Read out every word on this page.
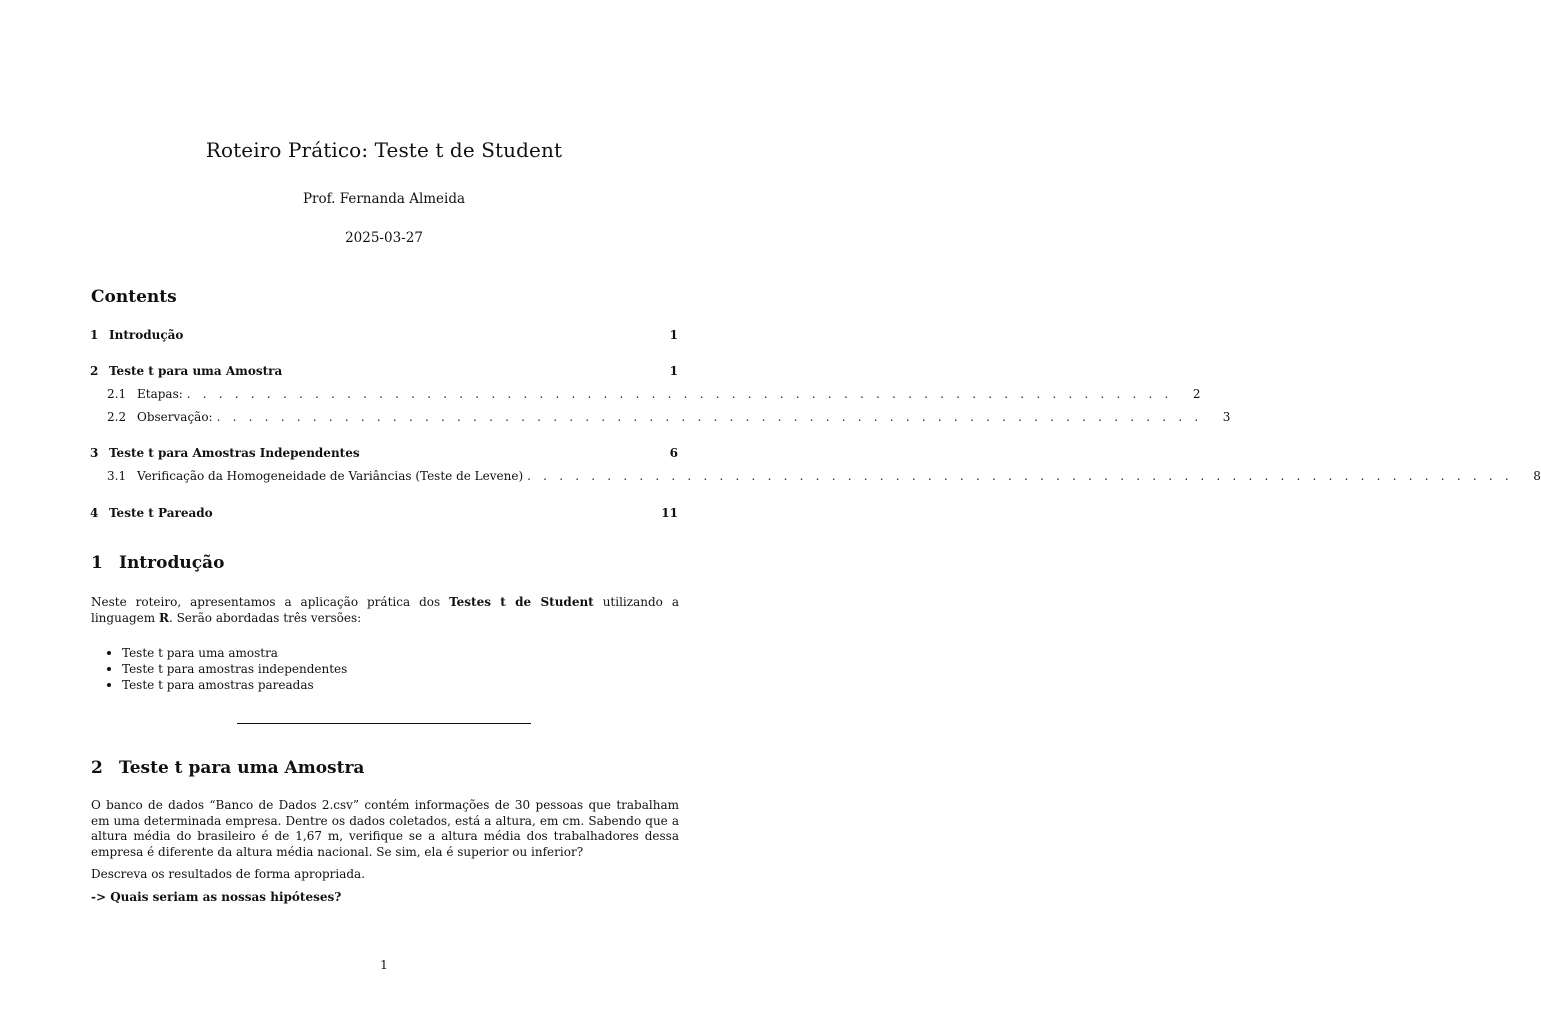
Roteiro Prático: Teste t de Student
Prof. Fernanda Almeida
2025-03-27
Contents
1 Introdução	1
2 Teste t para uma Amostra	1
2.1 Etapas: . . . . . . . . . . . . . . . . . . . . . . . . . . . . . . . . . . . . . . . . . . . . . . . . . . . . . . . . . . . . . .	2
2.2 Observação: . . . . . . . . . . . . . . . . . . . . . . . . . . . . . . . . . . . . . . . . . . . . . . . . . . . . . . . . . . . . . .	3
3 Teste t para Amostras Independentes	6
3.1 Verificação da Homogeneidade de Variâncias (Teste de Levene) . . . . . . . . . . . . . . . . . . . . . . . . . . . . . . . . . . . . . . . . . . . . . . . . . . . . . . . . . . . . . .	8
4 Teste t Pareado	11
1 Introdução
Neste roteiro, apresentamos a aplicação prática dos Testes t de Student utilizando a linguagem R. Serão abordadas três versões:
Teste t para uma amostra
Teste t para amostras independentes
Teste t para amostras pareadas
2 Teste t para uma Amostra
O banco de dados “Banco de Dados 2.csv” contém informações de 30 pessoas que trabalham em uma determinada empresa. Dentre os dados coletados, está a altura, em cm. Sabendo que a altura média do brasileiro é de 1,67 m, verifique se a altura média dos trabalhadores dessa empresa é diferente da altura média nacional. Se sim, ela é superior ou inferior?
Descreva os resultados de forma apropriada.
-> Quais seriam as nossas hipóteses?
1
